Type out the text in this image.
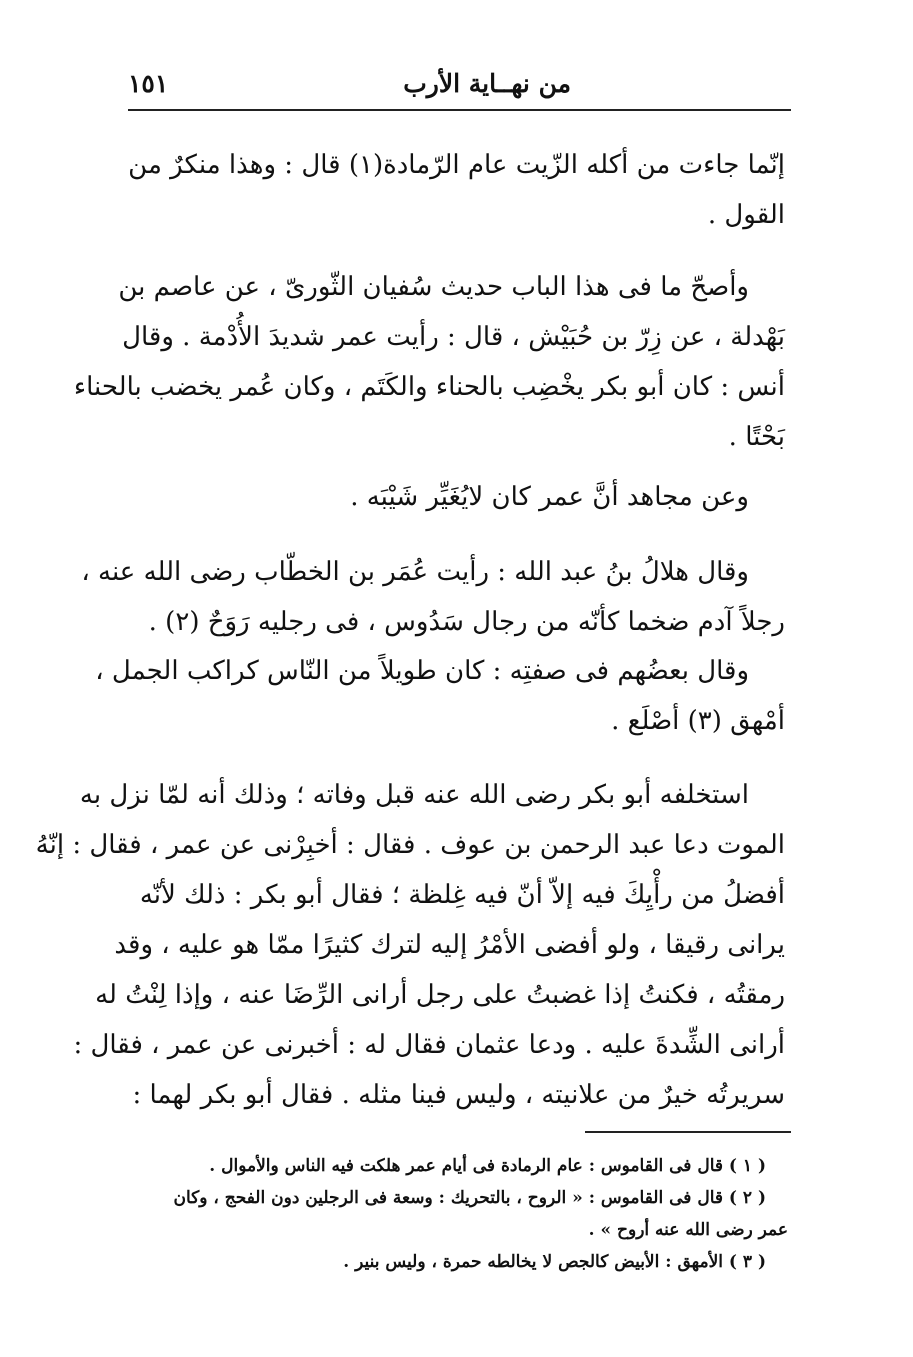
من نهــاية الأرب
١٥١
إنّما جاءت من أكله الزّيت عام الرّمادة(١) قال : وهذا منكرٌ من
القول .
وأصحّ ما فى هذا الباب حديث سُفيان الثّورىّ ، عن عاصم بن
بَهْدلة ، عن زِرّ بن حُبَيْش ، قال : رأيت عمر شديدَ الأُدْمة . وقال
أنس : كان أبو بكر يخْضِب بالحناء والكَتَم ، وكان عُمر يخضب بالحناء
بَحْتًا .
وعن مجاهد أنَّ عمر كان لايُغَيِّر شَيْبَه .
وقال هلالُ بنُ عبد الله : رأيت عُمَر بن الخطّاب رضى الله عنه ،
رجلاً آدم ضخما كأنّه من رجال سَدُوس ، فى رجليه رَوَحٌ (٢) .
وقال بعضُهم فى صفتِه : كان طويلاً من النّاس كراكب الجمل ،
أمْهق (٣) أصْلَع .
استخلفه أبو بكر رضى الله عنه قبل وفاته ؛ وذلك أنه لمّا نزل به
الموت دعا عبد الرحمن بن عوف . فقال : أخبِرْنى عن عمر ، فقال : إنّهُ
أفضلُ من رأْيِكَ فيه إلاّ أنّ فيه غِلظة ؛ فقال أبو بكر : ذلك لأنّه
يرانى رقيقا ، ولو أفضى الأمْرُ إليه لترك كثيرًا ممّا هو عليه ، وقد
رمقتُه ، فكنتُ إذا غضبتُ على رجل أرانى الرِّضَا عنه ، وإذا لِنْتُ له
أرانى الشِّدةَ عليه . ودعا عثمان فقال له : أخبرنى عن عمر ، فقال :
سريرتُه خيرٌ من علانيته ، وليس فينا مثله . فقال أبو بكر لهما :
( ١ ) قال فى القاموس : عام الرمادة فى أيام عمر هلكت فيه الناس والأموال .
( ٢ ) قال فى القاموس : « الروح ، بالتحريك : وسعة فى الرجلين دون الفحج ، وكان
عمر رضى الله عنه أروح » .
( ٣ ) الأمهق : الأبيض كالجص لا يخالطه حمرة ، وليس بنير .
